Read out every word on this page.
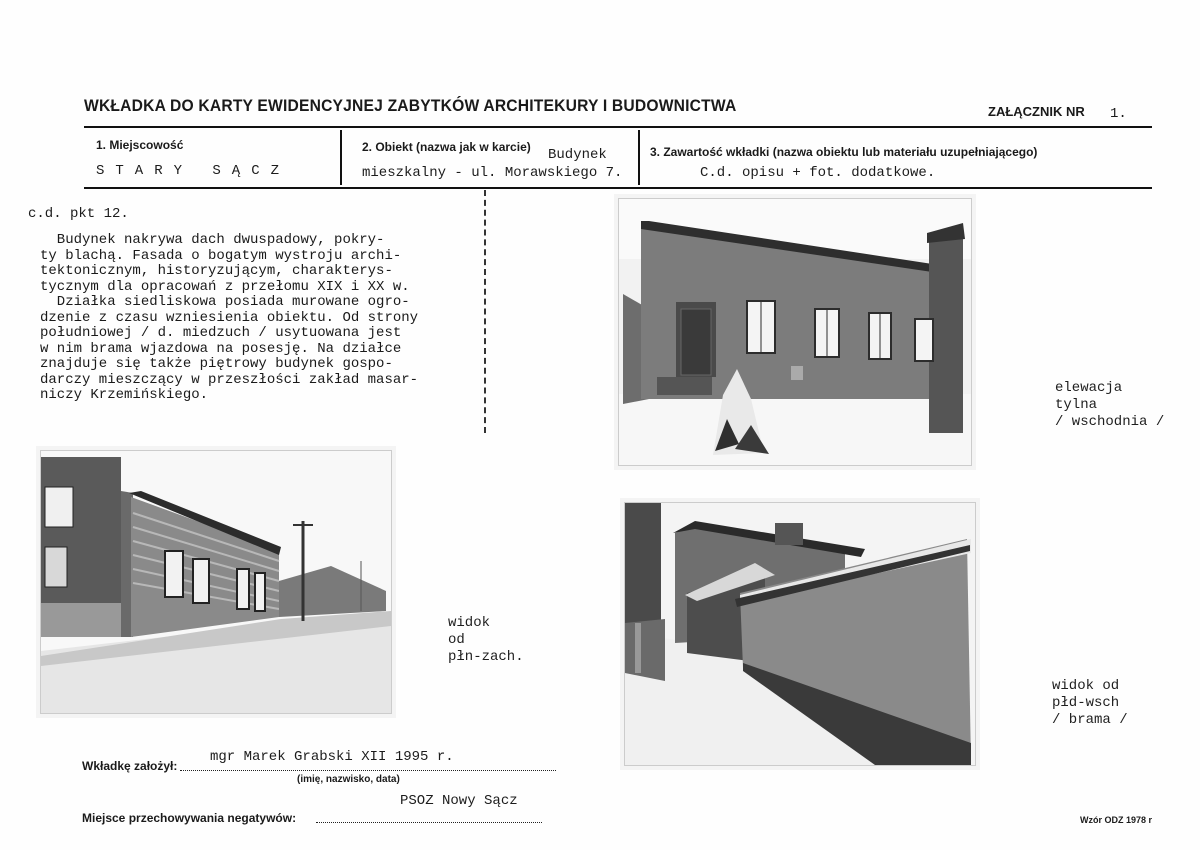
WKŁADKA DO KARTY EWIDENCYJNEJ ZABYTKÓW ARCHITEKURY I BUDOWNICTWA	ZAŁĄCZNIK NR 1.
1. Miejscowość
STARY SĄCZ
2. Obiekt (nazwa jak w karcie) Budynek
mieszkalny - ul. Morawskiego 7.
3. Zawartość wkładki (nazwa obiektu lub materiału uzupełniającego)
C.d. opisu + fot. dodatkowe.
c.d. pkt 12.
Budynek nakrywa dach dwuspadowy, pokry-
ty blachą. Fasada o bogatym wystroju archi-
tektonicznym, historyzującym, charakterys-
tycznym dla opracowań z przełomu XIX i XX w.
Działka siedliskowa posiada murowane ogro-
dzenie z czasu wzniesienia obiektu. Od strony
południowej / d. miedzuch / usytuowana jest
w nim brama wjazdowa na posesję. Na działce
znajduje się także piętrowy budynek gospo-
darczy mieszczący w przeszłości zakład masar-
niczy Krzemińskiego.	elewacja
tylna
/ wschodnia /
widok
od
płn-zach.
widok od
płd-wsch
/ brama /
Wkładkę założył:
mgr Marek Grabski XII 1995 r.
(imię, nazwisko, data)
PSOZ Nowy Sącz
Miejsce przechowywania negatywów:	Wzór ODZ 1978 r
